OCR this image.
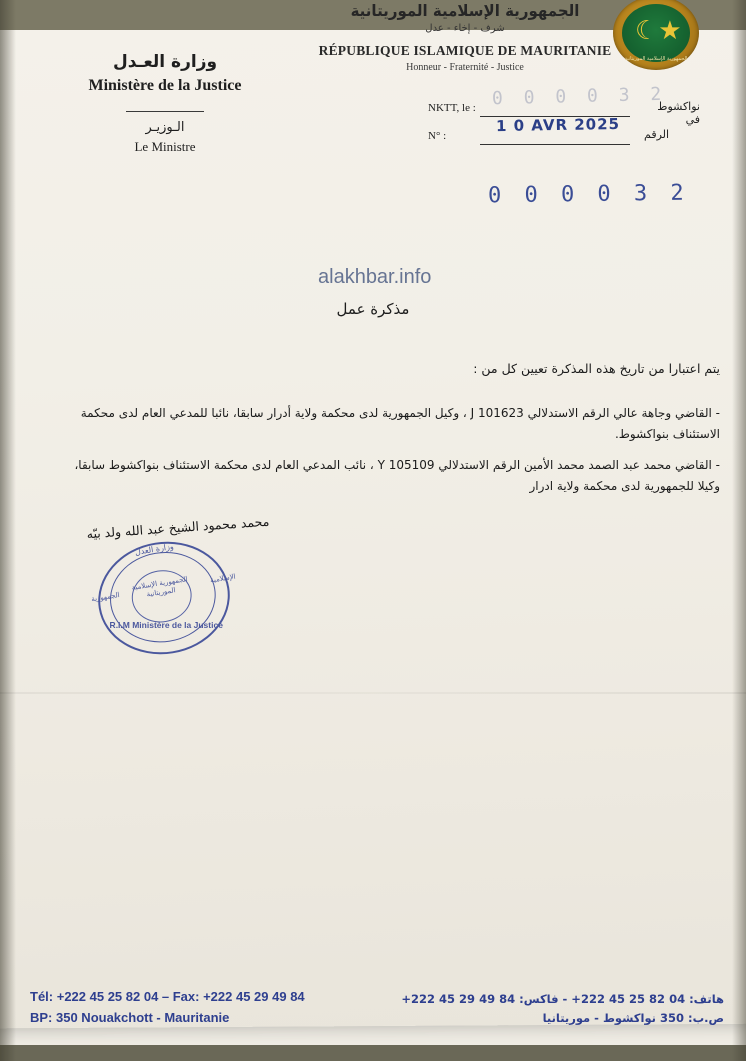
الجمهورية الإسلامية الموريتانية
شرف - إخاء - عدل
RÉPUBLIQUE ISLAMIQUE DE MAURITANIE
Honneur - Fraternité - Justice
☾★
الجمهورية الإسلامية الموريتانية
وزارة العـدل
Ministère de la Justice
الـوزيـر
Le Ministre
0 0 0 0 3 2
NKTT, le :	نواكشوط في
1 0 AVR 2025
N° :	الرقم
0 0 0 0 3 2
alakhbar.info
مذكرة عمل
يتم اعتبارا من تاريخ هذه المذكرة تعيين كل من :
- القاضي وجاهة عالي الرقم الاستدلالي J 101623 ، وكيل الجمهورية لدى محكمة ولاية أدرار سابقا، نائبا للمدعي العام لدى محكمة الاستئناف بنواكشوط.
- القاضي محمد عبد الصمد محمد الأمين الرقم الاستدلالي Y 105109 ، نائب المدعي العام لدى محكمة الاستئناف بنواكشوط سابقا، وكيلا للجمهورية لدى محكمة ولاية ادرار
محمد محمود الشيخ عبد الله ولد بيّه
وزارة العدل
الجمهورية
الإسلامية
الجمهورية الإسلامية الموريتانية
R.I.M Ministère de la Justice
Tél: +222 45 25 82 04 – Fax: +222 45 29 49 84
BP: 350 Nouakchott - Mauritanie
هاتف: 04 82 25 45 222+ - فاكس: 84 49 29 45 222+
ص.ب: 350 نواكشوط - موريتانيا
